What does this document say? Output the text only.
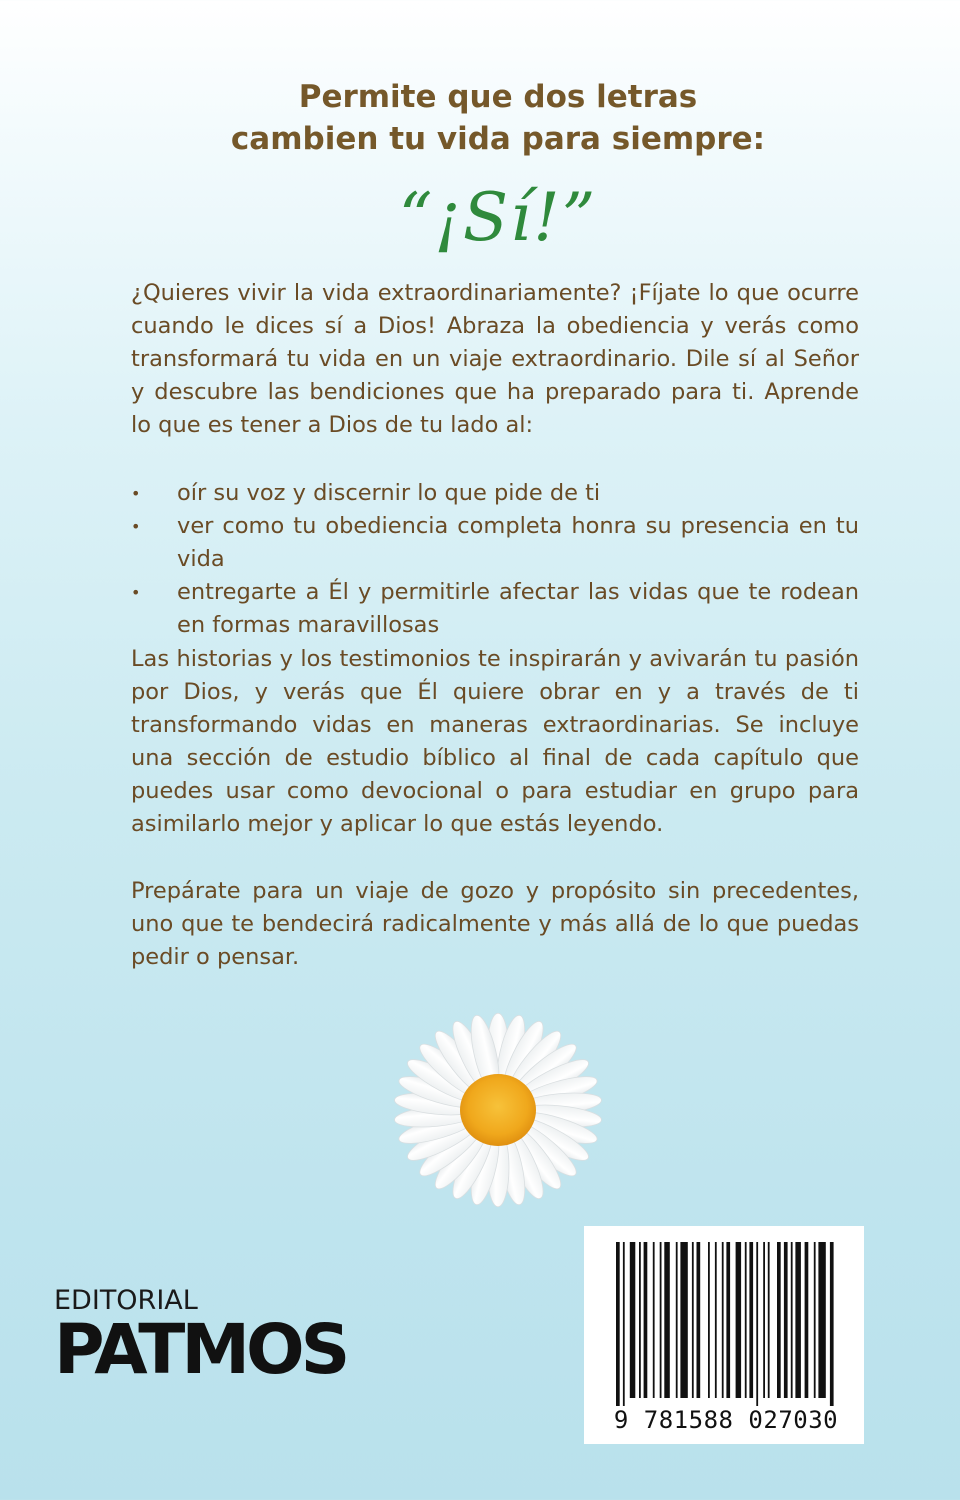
Permite que dos letras
cambien tu vida para siempre:
“¡Sí!”

¿Quieres vivir la vida extraordinariamente? ¡Fíjate lo que ocurre cuando le dices sí a Dios! Abraza la obediencia y verás como transformará tu vida en un viaje extraordinario. Dile sí al Señor y descubre las bendiciones que ha preparado para ti. Aprende lo que es tener a Dios de tu lado al:

• oír su voz y discernir lo que pide de ti
• ver como tu obediencia completa honra su presencia en tu vida
• entregarte a Él y permitirle afectar las vidas que te rodean en formas maravillosas

Las historias y los testimonios te inspirarán y avivarán tu pasión por Dios, y verás que Él quiere obrar en y a través de ti transformando vidas en maneras extraordinarias. Se incluye una sección de estudio bíblico al final de cada capítulo que puedes usar como devocional o para estudiar en grupo para asimilarlo mejor y aplicar lo que estás leyendo.

Prepárate para un viaje de gozo y propósito sin precedentes, uno que te bendecirá radicalmente y más allá de lo que puedas pedir o pensar.

EDITORIAL
PATMOS
9 781588 027030
